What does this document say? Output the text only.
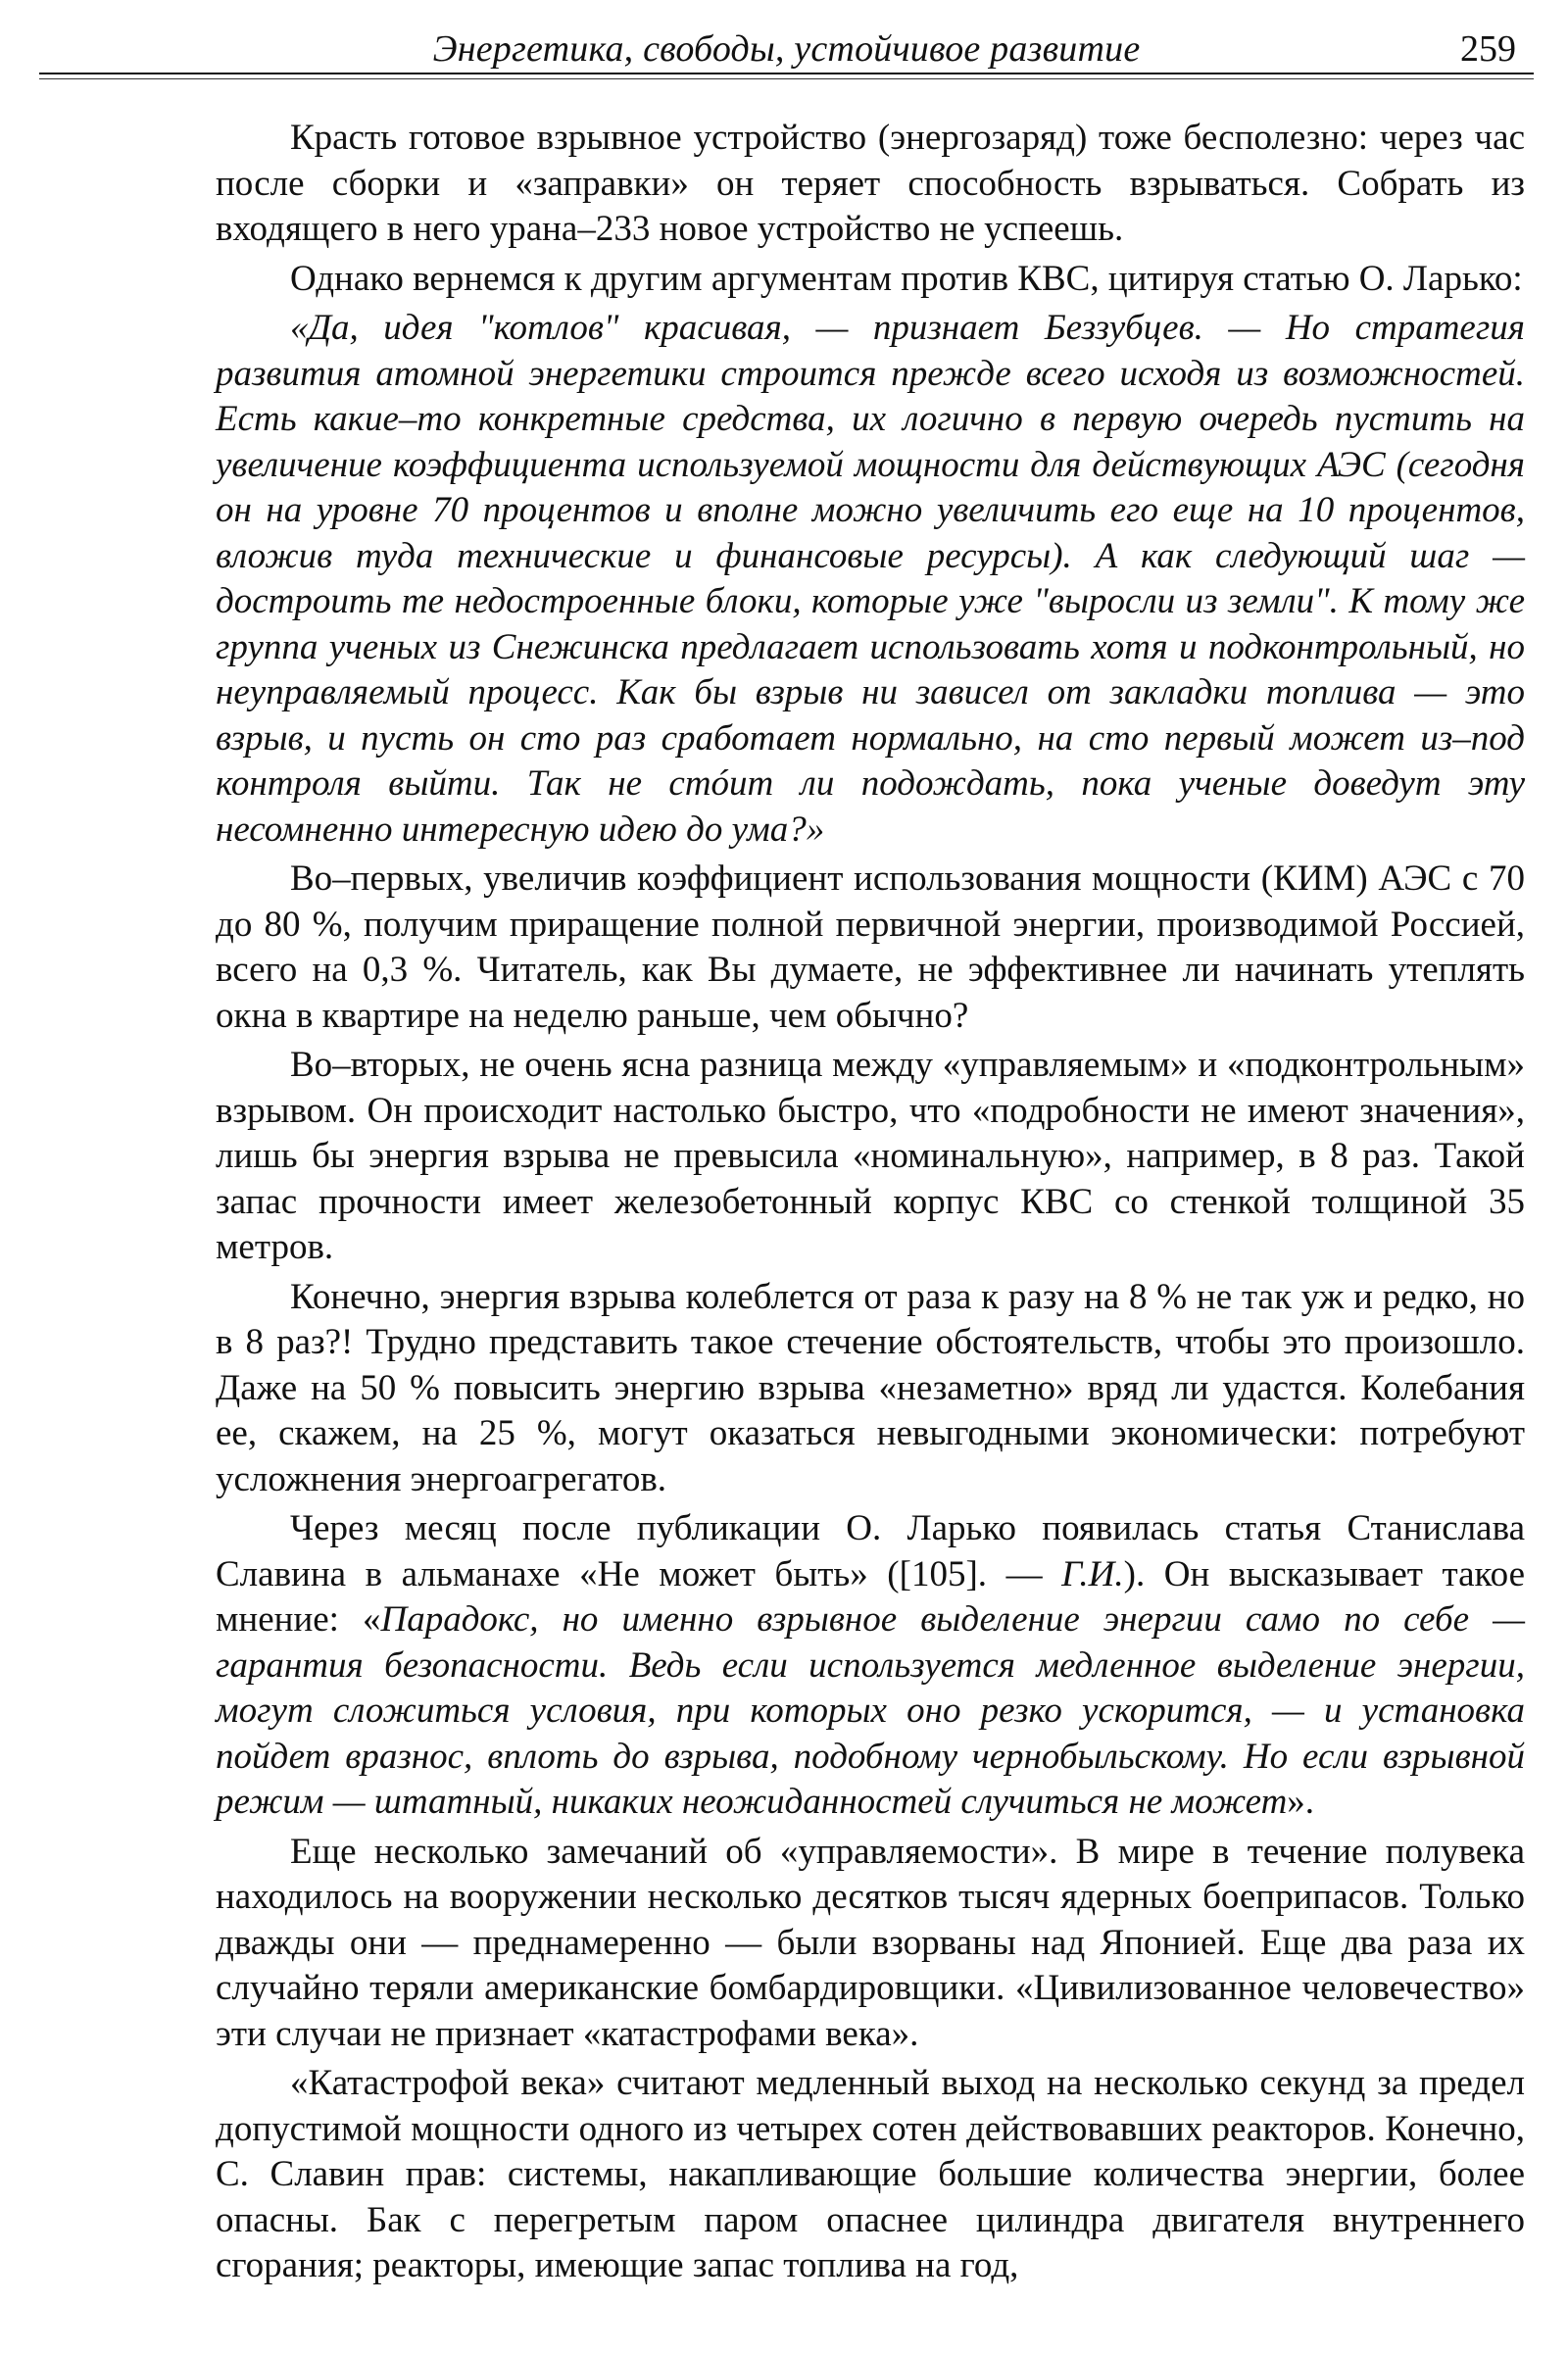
Энергетика, свободы, устойчивое развитие	259

Красть готовое взрывное устройство (энергозаряд) тоже бесполезно: через час после сборки и «заправки» он теряет способность взрываться. Собрать из входящего в него урана–233 новое устройство не успеешь.

Однако вернемся к другим аргументам против КВС, цитируя статью О. Ларько:

«Да, идея "котлов" красивая, — признает Беззубцев. — Но стратегия развития атомной энергетики строится прежде всего исходя из возможностей. Есть какие–то конкретные средства, их логично в первую очередь пустить на увеличение коэффициента используемой мощности для действующих АЭС (сегодня он на уровне 70 процентов и вполне можно увеличить его еще на 10 процентов, вложив туда технические и финансовые ресурсы). А как следующий шаг — достроить те недостроенные блоки, которые уже "выросли из земли". К тому же группа ученых из Снежинска предлагает использовать хотя и подконтрольный, но неуправляемый процесс. Как бы взрыв ни зависел от закладки топлива — это взрыв, и пусть он сто раз сработает нормально, на сто первый может из–под контроля выйти. Так не стóит ли подождать, пока ученые доведут эту несомненно интересную идею до ума?»

Во–первых, увеличив коэффициент использования мощности (КИМ) АЭС с 70 до 80 %, получим приращение полной первичной энергии, производимой Россией, всего на 0,3 %. Читатель, как Вы думаете, не эффективнее ли начинать утеплять окна в квартире на неделю раньше, чем обычно?

Во–вторых, не очень ясна разница между «управляемым» и «подконтрольным» взрывом. Он происходит настолько быстро, что «подробности не имеют значения», лишь бы энергия взрыва не превысила «номинальную», например, в 8 раз. Такой запас прочности имеет железобетонный корпус КВС со стенкой толщиной 35 метров.

Конечно, энергия взрыва колеблется от раза к разу на 8 % не так уж и редко, но в 8 раз?! Трудно представить такое стечение обстоятельств, чтобы это произошло. Даже на 50 % повысить энергию взрыва «незаметно» вряд ли удастся. Колебания ее, скажем, на 25 %, могут оказаться невыгодными экономически: потребуют усложнения энергоагрегатов.

Через месяц после публикации О. Ларько появилась статья Станислава Славина в альманахе «Не может быть» ([105]. — Г.И.). Он высказывает такое мнение: «Парадокс, но именно взрывное выделение энергии само по себе — гарантия безопасности. Ведь если используется медленное выделение энергии, могут сложиться условия, при которых оно резко ускорится, — и установка пойдет вразнос, вплоть до взрыва, подобному чернобыльскому. Но если взрывной режим — штатный, никаких неожиданностей случиться не может».

Еще несколько замечаний об «управляемости». В мире в течение полувека находилось на вооружении несколько десятков тысяч ядерных боеприпасов. Только дважды они — преднамеренно — были взорваны над Японией. Еще два раза их случайно теряли американские бомбардировщики. «Цивилизованное человечество» эти случаи не признает «катастрофами века».

«Катастрофой века» считают медленный выход на несколько секунд за предел допустимой мощности одного из четырех сотен действовавших реакторов. Конечно, С. Славин прав: системы, накапливающие большие количества энергии, более опасны. Бак с перегретым паром опаснее цилиндра двигателя внутреннего сгорания; реакторы, имеющие запас топлива на год,
